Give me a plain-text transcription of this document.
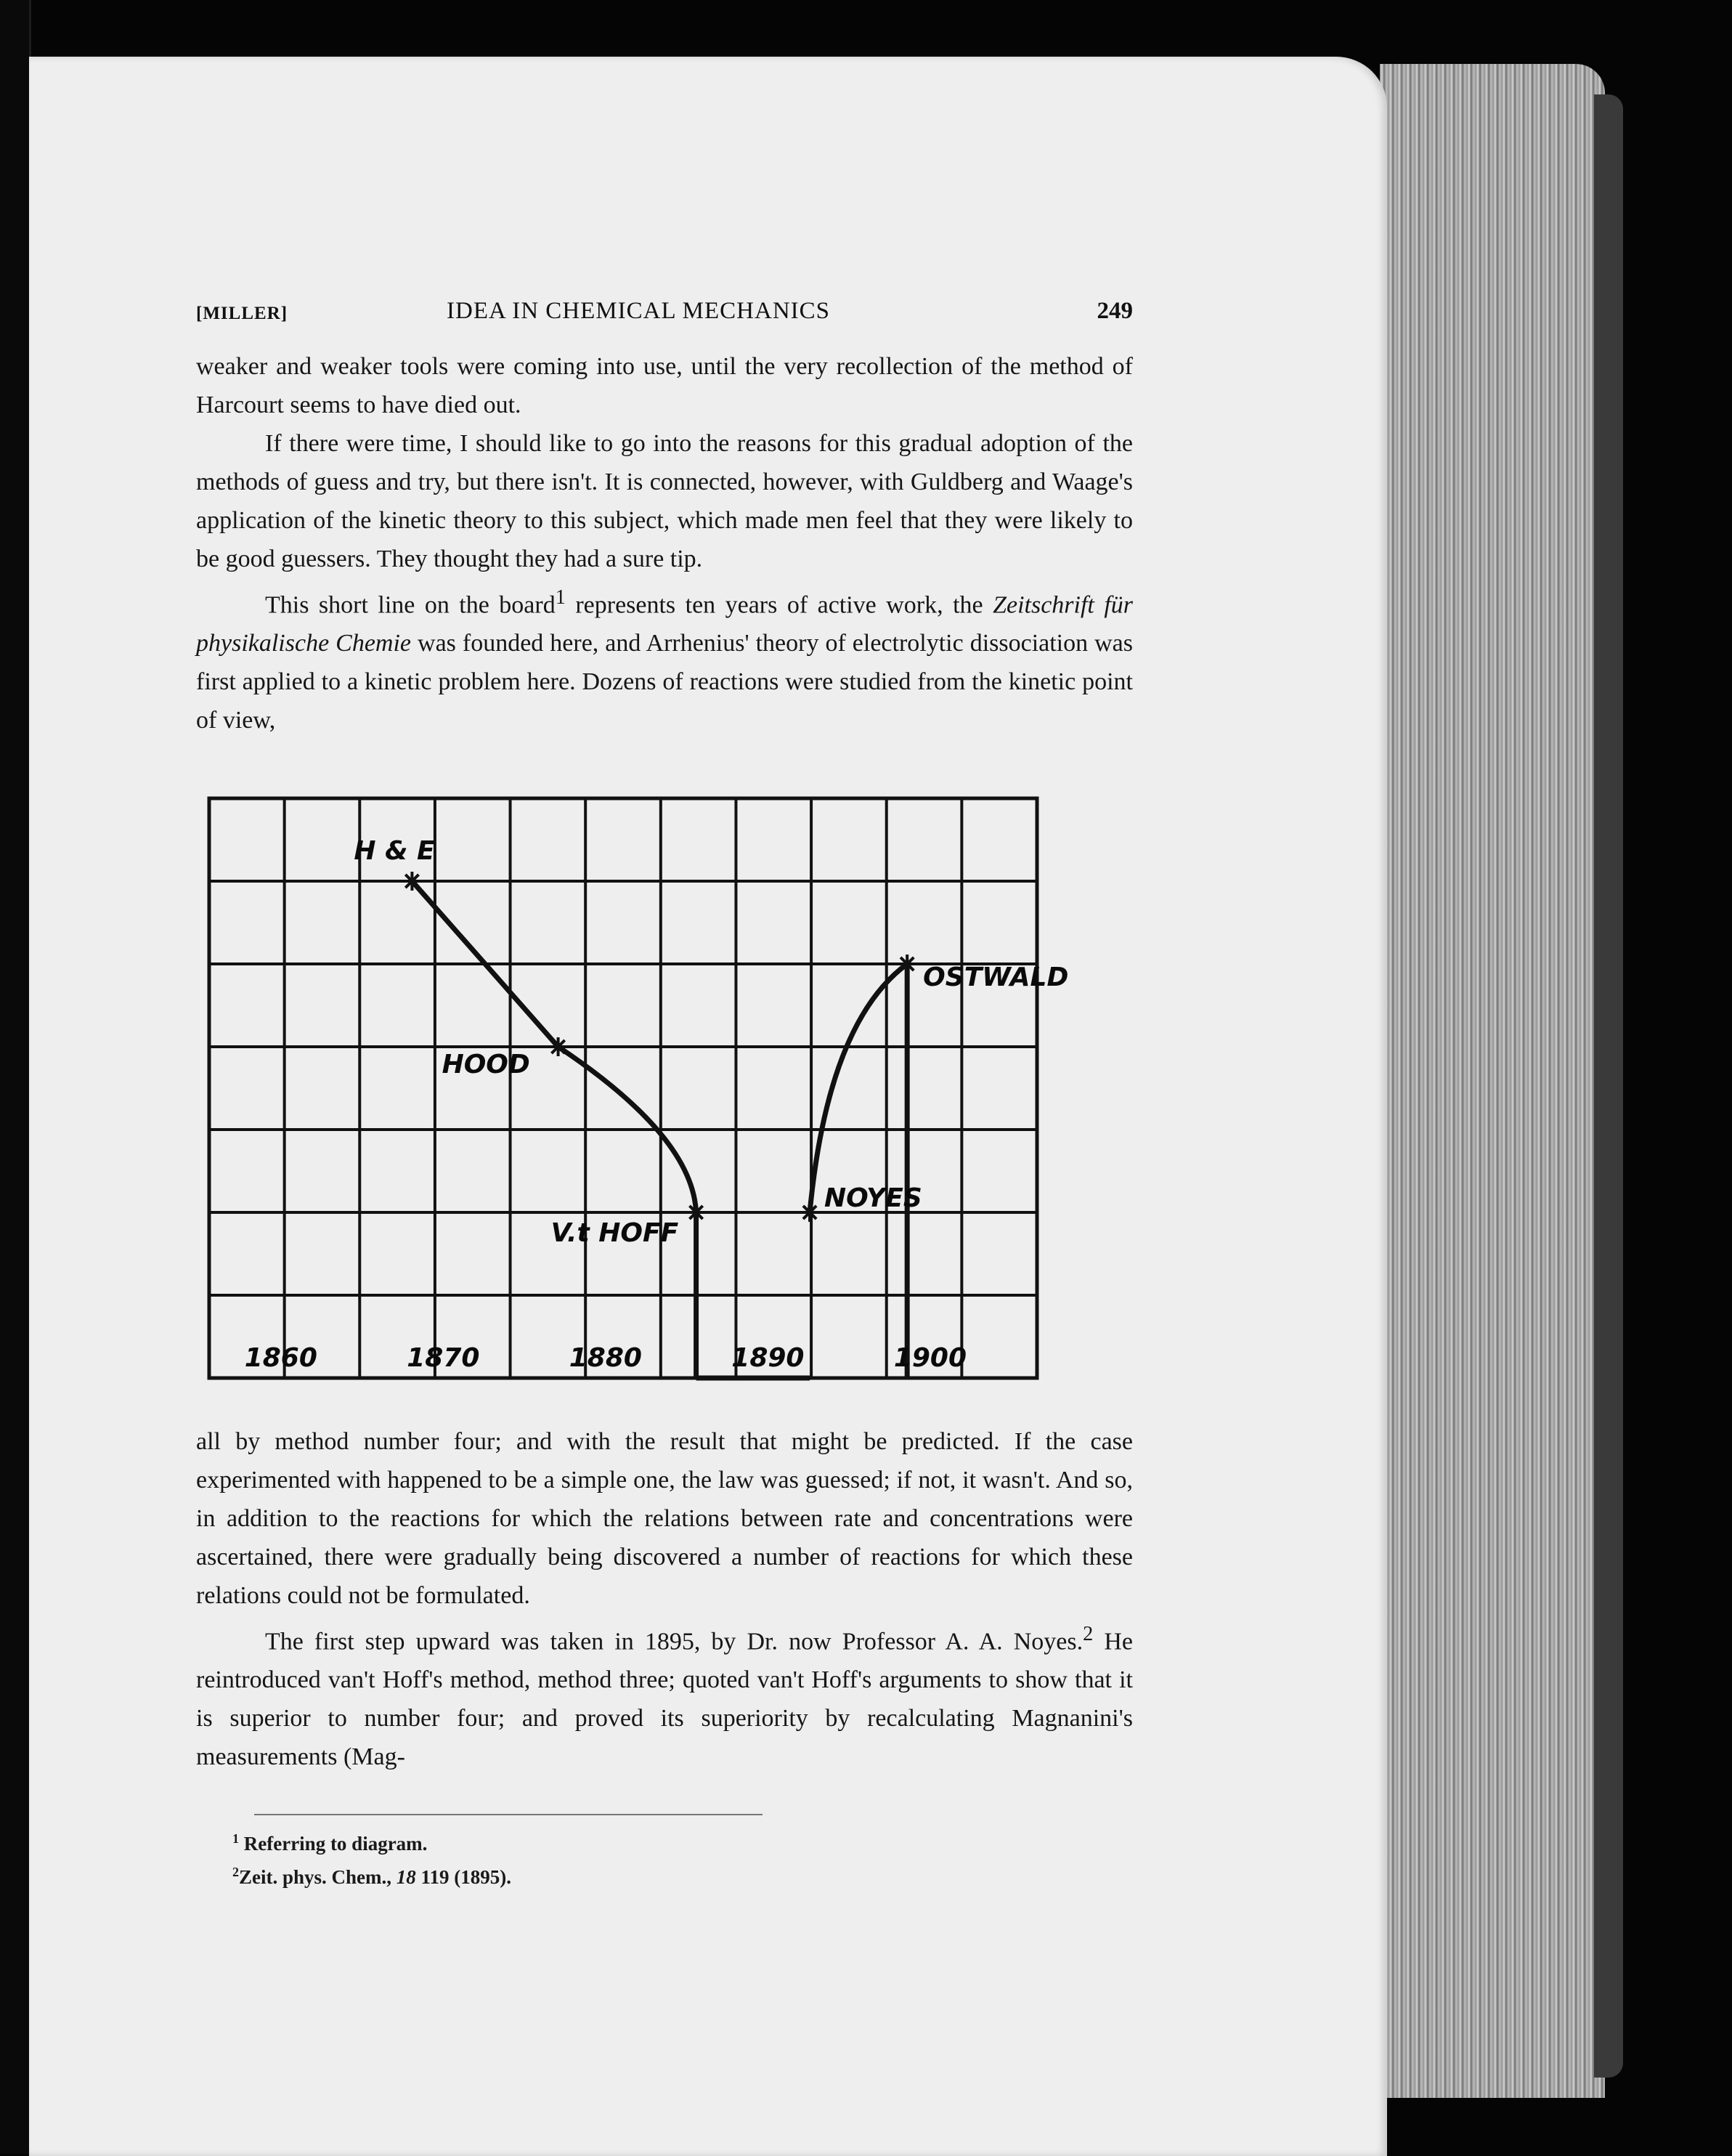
[MILLER]	IDEA IN CHEMICAL MECHANICS	249

weaker and weaker tools were coming into use, until the very recollection of the method of Harcourt seems to have died out.

If there were time, I should like to go into the reasons for this gradual adoption of the methods of guess and try, but there isn't. It is connected, however, with Guldberg and Waage's application of the kinetic theory to this subject, which made men feel that they were likely to be good guessers. They thought they had a sure tip.

This short line on the board$^1$ represents ten years of active work, the Zeitschrift für physikalische Chemie was founded here, and Arrhenius' theory of electrolytic dissociation was first applied to a kinetic problem here. Dozens of reactions were studied from the kinetic point of view,

H & E
HOOD
V.t HOFF
NOYES
OSTWALD
1860	1870	1880	1890	1900

all by method number four; and with the result that might be predicted. If the case experimented with happened to be a simple one, the law was guessed; if not, it wasn't. And so, in addition to the reactions for which the relations between rate and concentrations were ascertained, there were gradually being discovered a number of reactions for which these relations could not be formulated.

The first step upward was taken in 1895, by Dr. now Professor A. A. Noyes.$^2$ He reintroduced van't Hoff's method, method three; quoted van't Hoff's arguments to show that it is superior to number four; and proved its superiority by recalculating Magnanini's measurements (Mag-

$^1$ Referring to diagram.
$^2$Zeit. phys. Chem., 18 119 (1895).
